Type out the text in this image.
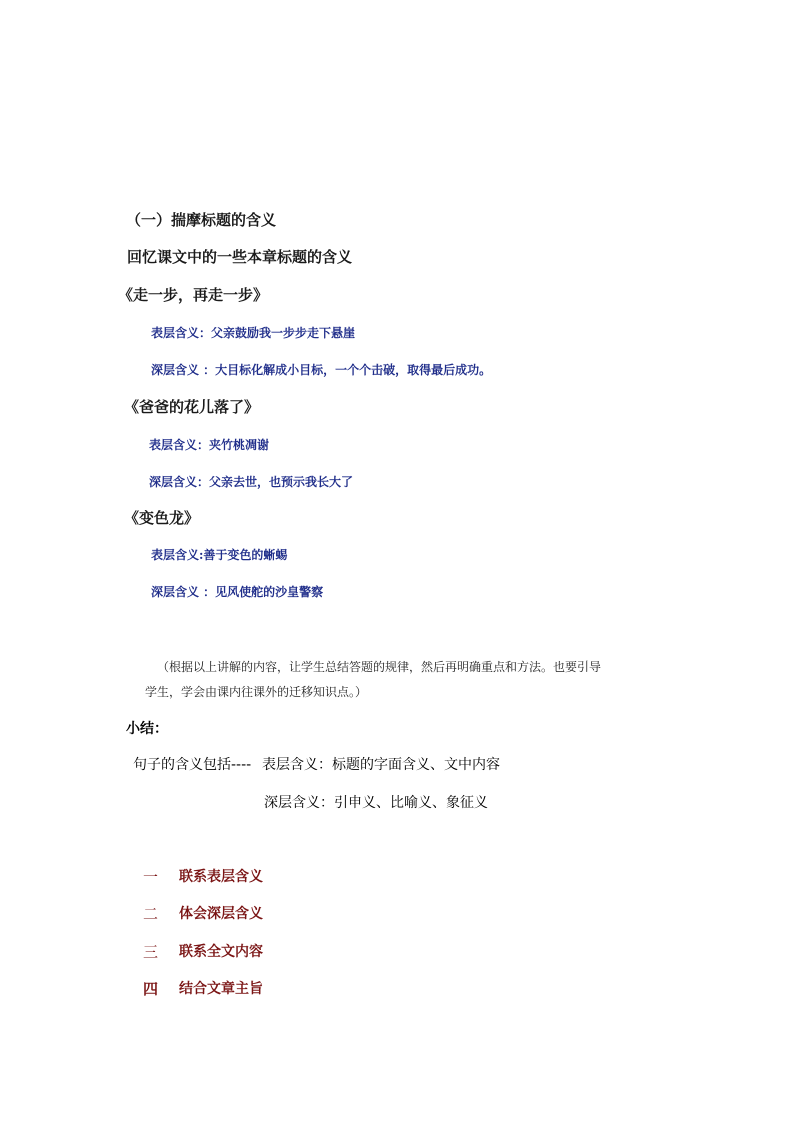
（一）揣摩标题的含义
回忆课文中的一些本章标题的含义
《走一步，再走一步》
表层含义：父亲鼓励我一步步走下悬崖
深层含义 ：大目标化解成小目标，一个个击破，取得最后成功。
《爸爸的花儿落了》
表层含义：夹竹桃凋谢
深层含义：父亲去世，也预示我长大了
《变色龙》
表层含义:善于变色的蜥蜴
深层含义 ：见风使舵的沙皇警察
（根据以上讲解的内容，让学生总结答题的规律，然后再明确重点和方法。也要引导
学生，学会由课内往课外的迁移知识点。）
小结：
句子的含义包括---- 表层含义：标题的字面含义、文中内容
深层含义：引申义、比喻义、象征义
一 联系表层含义
二 体会深层含义
三 联系全文内容
四 结合文章主旨
